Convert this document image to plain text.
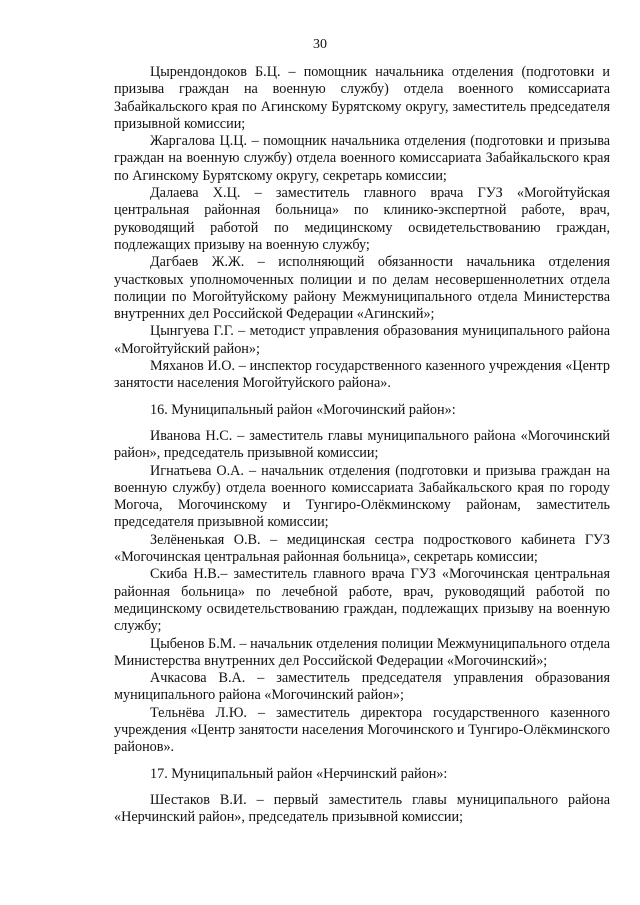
30

Цырендондоков Б.Ц. – помощник начальника отделения (подготовки и призыва граждан на военную службу) отдела военного комиссариата Забайкальского края по Агинскому Бурятскому округу, заместитель председателя призывной комиссии;

Жаргалова Ц.Ц. – помощник начальника отделения (подготовки и призыва граждан на военную службу) отдела военного комиссариата Забайкальского края по Агинскому Бурятскому округу, секретарь комиссии;

Далаева Х.Ц. – заместитель главного врача ГУЗ «Могойтуйская центральная районная больница» по клинико-экспертной работе, врач, руководящий работой по медицинскому освидетельствованию граждан, подлежащих призыву на военную службу;

Дагбаев Ж.Ж. – исполняющий обязанности начальника отделения участковых уполномоченных полиции и по делам несовершеннолетних отдела полиции по Могойтуйскому району Межмуниципального отдела Министерства внутренних дел Российской Федерации «Агинский»;

Цынгуева Г.Г. – методист управления образования муниципального района «Могойтуйский район»;

Мяханов И.О. – инспектор государственного казенного учреждения «Центр занятости населения Могойтуйского района».

16. Муниципальный район «Могочинский район»:

Иванова Н.С. – заместитель главы муниципального района «Могочинский район», председатель призывной комиссии;

Игнатьева О.А. – начальник отделения (подготовки и призыва граждан на военную службу) отдела военного комиссариата Забайкальского края по городу Могоча, Могочинскому и Тунгиро-Олёкминскому районам, заместитель председателя призывной комиссии;

Зелёненькая О.В. – медицинская сестра подросткового кабинета ГУЗ «Могочинская центральная районная больница», секретарь комиссии;

Скиба Н.В.– заместитель главного врача ГУЗ «Могочинская центральная районная больница» по лечебной работе, врач, руководящий работой по медицинскому освидетельствованию граждан, подлежащих призыву на военную службу;

Цыбенов Б.М. – начальник отделения полиции Межмуниципального отдела Министерства внутренних дел Российской Федерации «Могочинский»;

Ачкасова В.А. – заместитель председателя управления образования муниципального района «Могочинский район»;

Тельнёва Л.Ю. – заместитель директора государственного казенного учреждения «Центр занятости населения Могочинского и Тунгиро-Олёкминского районов».

17. Муниципальный район «Нерчинский район»:

Шестаков В.И. – первый заместитель главы муниципального района «Нерчинский район», председатель призывной комиссии;
